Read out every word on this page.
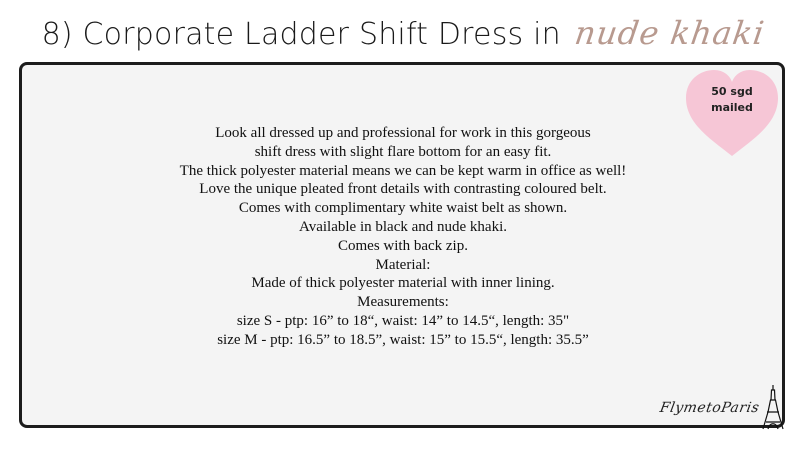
8) Corporate Ladder Shift Dress in nude khaki
50 sgd
mailed
Look all dressed up and professional for work in this gorgeous
shift dress with slight flare bottom for an easy fit.
The thick polyester material means we can be kept warm in office as well!
Love the unique pleated front details with contrasting coloured belt.
Comes with complimentary white waist belt as shown.
Available in black and nude khaki.
Comes with back zip.
Material:
Made of thick polyester material with inner lining.
Measurements:
size S - ptp: 16” to 18“, waist: 14” to 14.5“, length: 35"
size M - ptp: 16.5” to 18.5”, waist: 15” to 15.5“, length: 35.5”
FlymetoParis
